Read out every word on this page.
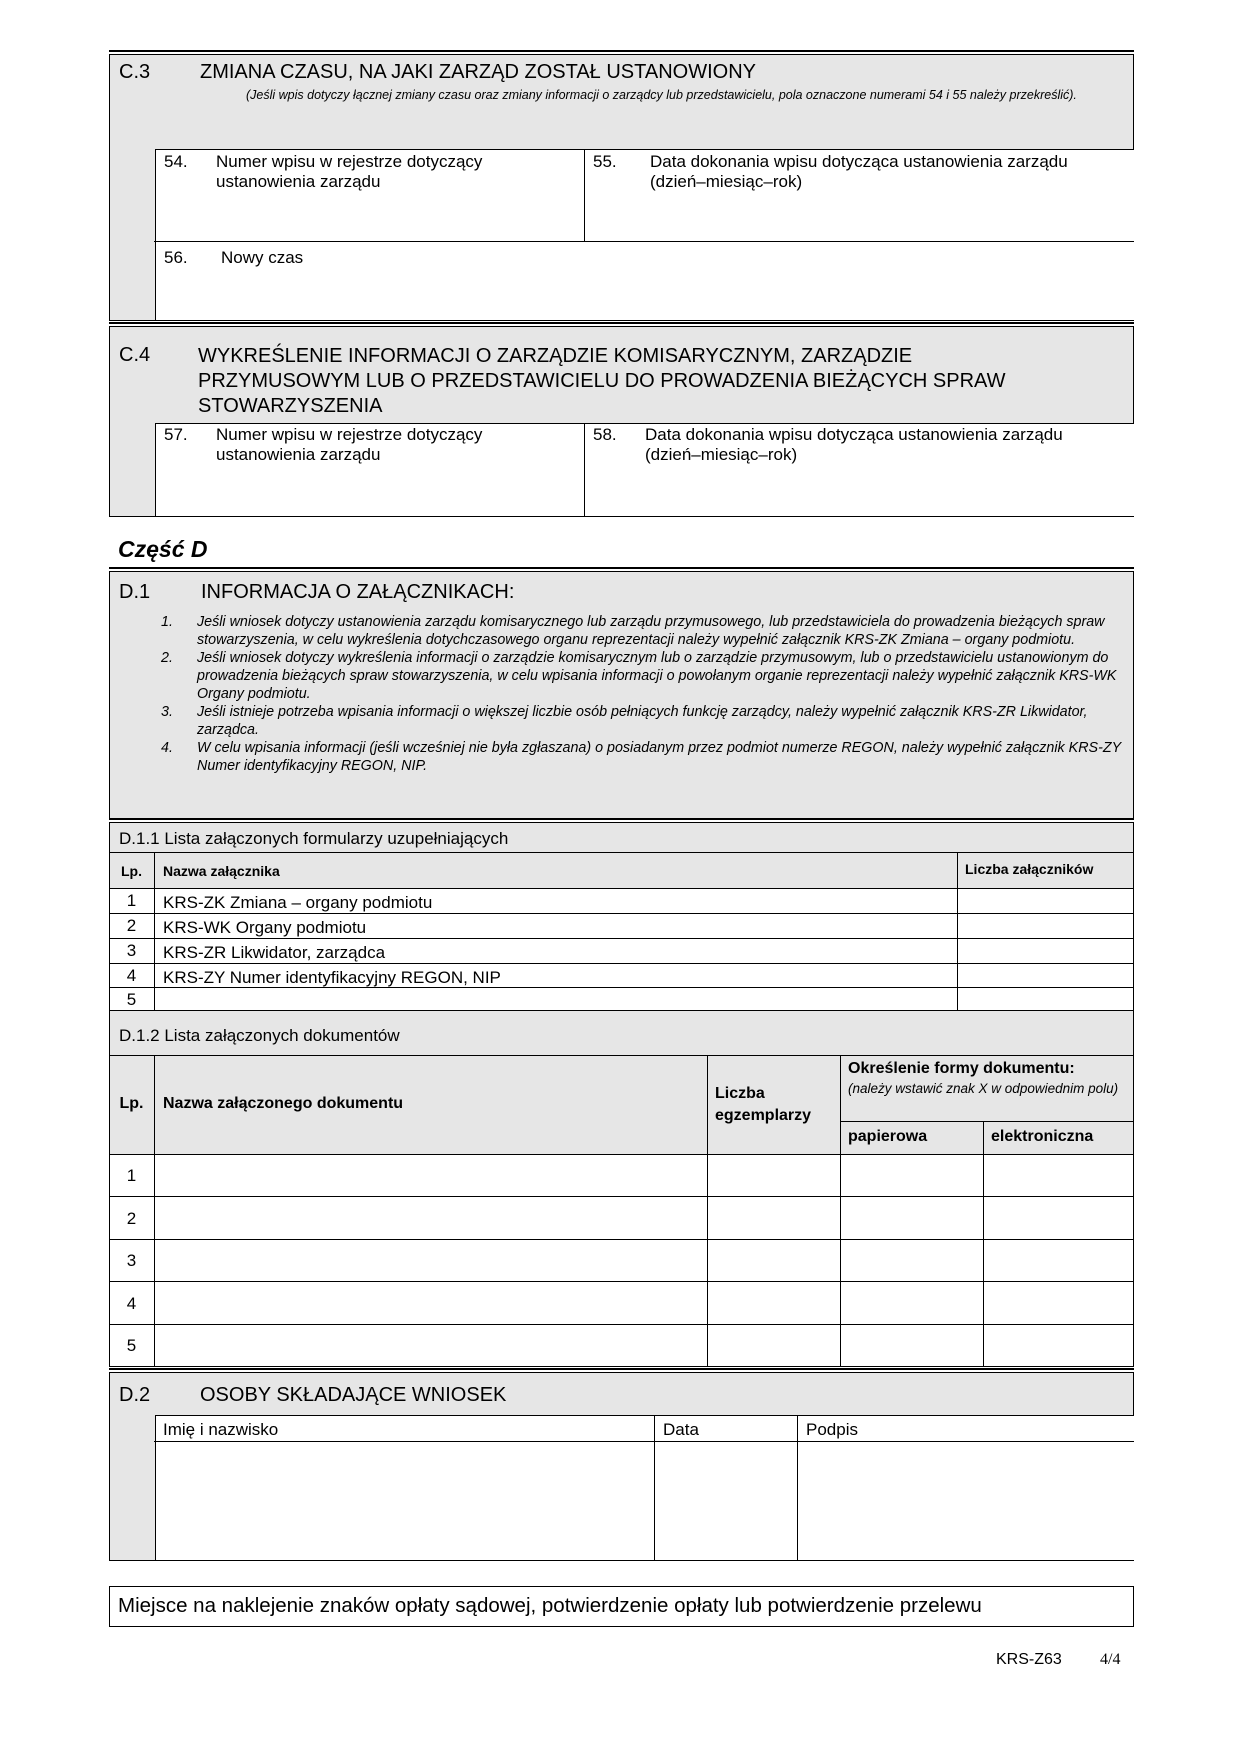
C.3 ZMIANA CZASU, NA JAKI ZARZĄD ZOSTAŁ USTANOWIONY
(Jeśli wpis dotyczy łącznej zmiany czasu oraz zmiany informacji o zarządcy lub przedstawicielu, pola oznaczone numerami 54 i 55 należy przekreślić).
54. Numer wpisu w rejestrze dotyczący ustanowienia zarządu
55. Data dokonania wpisu dotycząca ustanowienia zarządu (dzień–miesiąc–rok)
56. Nowy czas
C.4 WYKREŚLENIE INFORMACJI O ZARZĄDZIE KOMISARYCZNYM, ZARZĄDZIE PRZYMUSOWYM LUB O PRZEDSTAWICIELU DO PROWADZENIA BIEŻĄCYCH SPRAW STOWARZYSZENIA
57. Numer wpisu w rejestrze dotyczący ustanowienia zarządu
58. Data dokonania wpisu dotycząca ustanowienia zarządu (dzień–miesiąc–rok)
Część D
D.1	INFORMACJA O ZAŁĄCZNIKACH:
1. Jeśli wniosek dotyczy ustanowienia zarządu komisarycznego lub zarządu przymusowego, lub przedstawiciela do prowadzenia bieżących spraw stowarzyszenia, w celu wykreślenia dotychczasowego organu reprezentacji należy wypełnić załącznik KRS-ZK Zmiana – organy podmiotu.
2. Jeśli wniosek dotyczy wykreślenia informacji o zarządzie komisarycznym lub o zarządzie przymusowym, lub o przedstawicielu ustanowionym do prowadzenia bieżących spraw stowarzyszenia, w celu wpisania informacji o powołanym organie reprezentacji należy wypełnić załącznik KRS-WK Organy podmiotu.
3. Jeśli istnieje potrzeba wpisania informacji o większej liczbie osób pełniących funkcję zarządcy, należy wypełnić załącznik KRS-ZR Likwidator, zarządca.
4. W celu wpisania informacji (jeśli wcześniej nie była zgłaszana) o posiadanym przez podmiot numerze REGON, należy wypełnić załącznik KRS-ZY Numer identyfikacyjny REGON, NIP.
D.1.1 Lista załączonych formularzy uzupełniających
Lp.	Nazwa załącznika	Liczba załączników
1	KRS-ZK Zmiana – organy podmiotu
2	KRS-WK Organy podmiotu
3	KRS-ZR Likwidator, zarządca
4	KRS-ZY Numer identyfikacyjny REGON, NIP
5
D.1.2 Lista załączonych dokumentów
Lp.	Nazwa załączonego dokumentu
Liczba
egzemplarzy
Określenie formy dokumentu:
(należy wstawić znak X w odpowiednim polu)
papierowa	elektroniczna
1
2
3
4
5
D.2 OSOBY SKŁADAJĄCE WNIOSEK
Imię i nazwisko	Data	Podpis
Miejsce na naklejenie znaków opłaty sądowej, potwierdzenie opłaty lub potwierdzenie przelewu
KRS-Z63 4/4
